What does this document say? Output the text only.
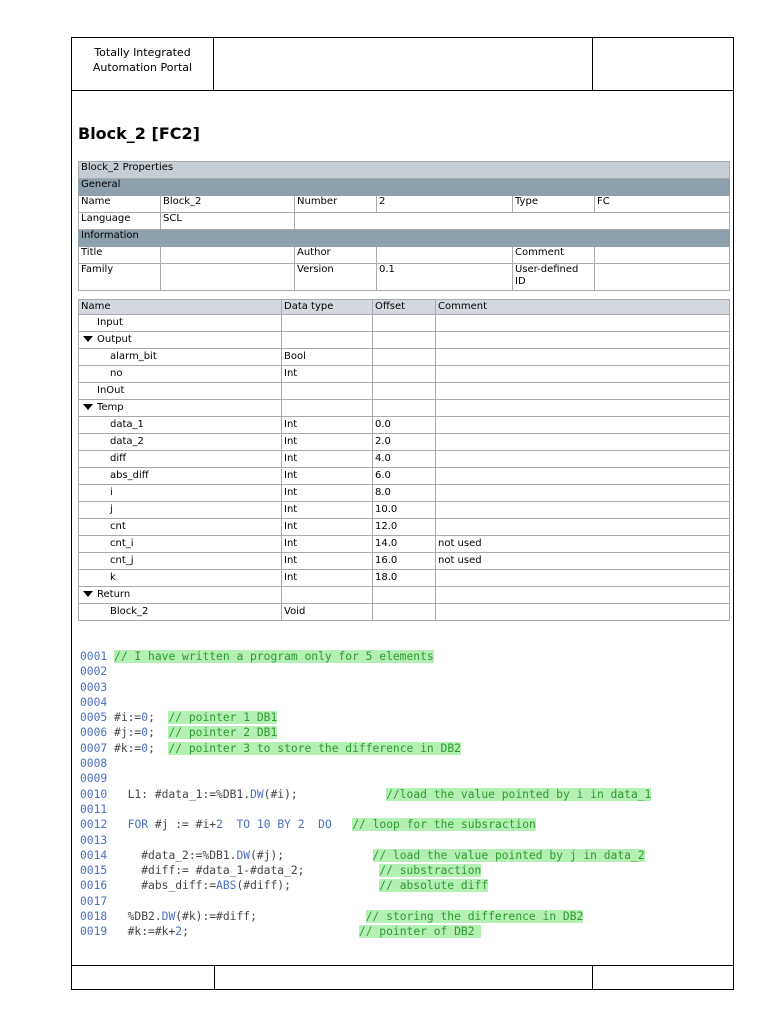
Totally Integrated
Automation Portal
Block_2 [FC2]
Block_2 Properties					
General					
Name	Block_2	Number	2	Type	FC
Language	SCL				
Information					
Title		Author		Comment	
Family		Version	0.1	User-defined ID	
Name	Data type	Offset	Comment
Input			
Output			
alarm_bit	Bool		
no	Int		
InOut			
Temp			
data_1	Int	0.0	
data_2	Int	2.0	
diff	Int	4.0	
abs_diff	Int	6.0	
i	Int	8.0	
j	Int	10.0	
cnt	Int	12.0	
cnt_i	Int	14.0	not used
cnt_j	Int	16.0	not used
k	Int	18.0	
Return			
Block_2	Void		
0001 // I have written a program only for 5 elements
0002
0003
0004
0005 #i:=0;  // pointer 1 DB1
0006 #j:=0;  // pointer 2 DB1
0007 #k:=0;  // pointer 3 to store the difference in DB2
0008
0009
0010   L1: #data_1:=%DB1.DW(#i);             //load the value pointed by i in data_1
0011
0012 FOR #j := #i+2 TO 10 BY 2 DO // loop for the subsraction
0013
0014     #data_2:=%DB1.DW(#j);             // load the value pointed by j in data_2
0015     #diff:= #data_1-#data_2;           // substraction
0016     #abs_diff:=ABS(#diff);             // absolute diff
0017
0018   %DB2.DW(#k):=#diff;                // storing the difference in DB2
0019   #k:=#k+2;                         // pointer of DB2
